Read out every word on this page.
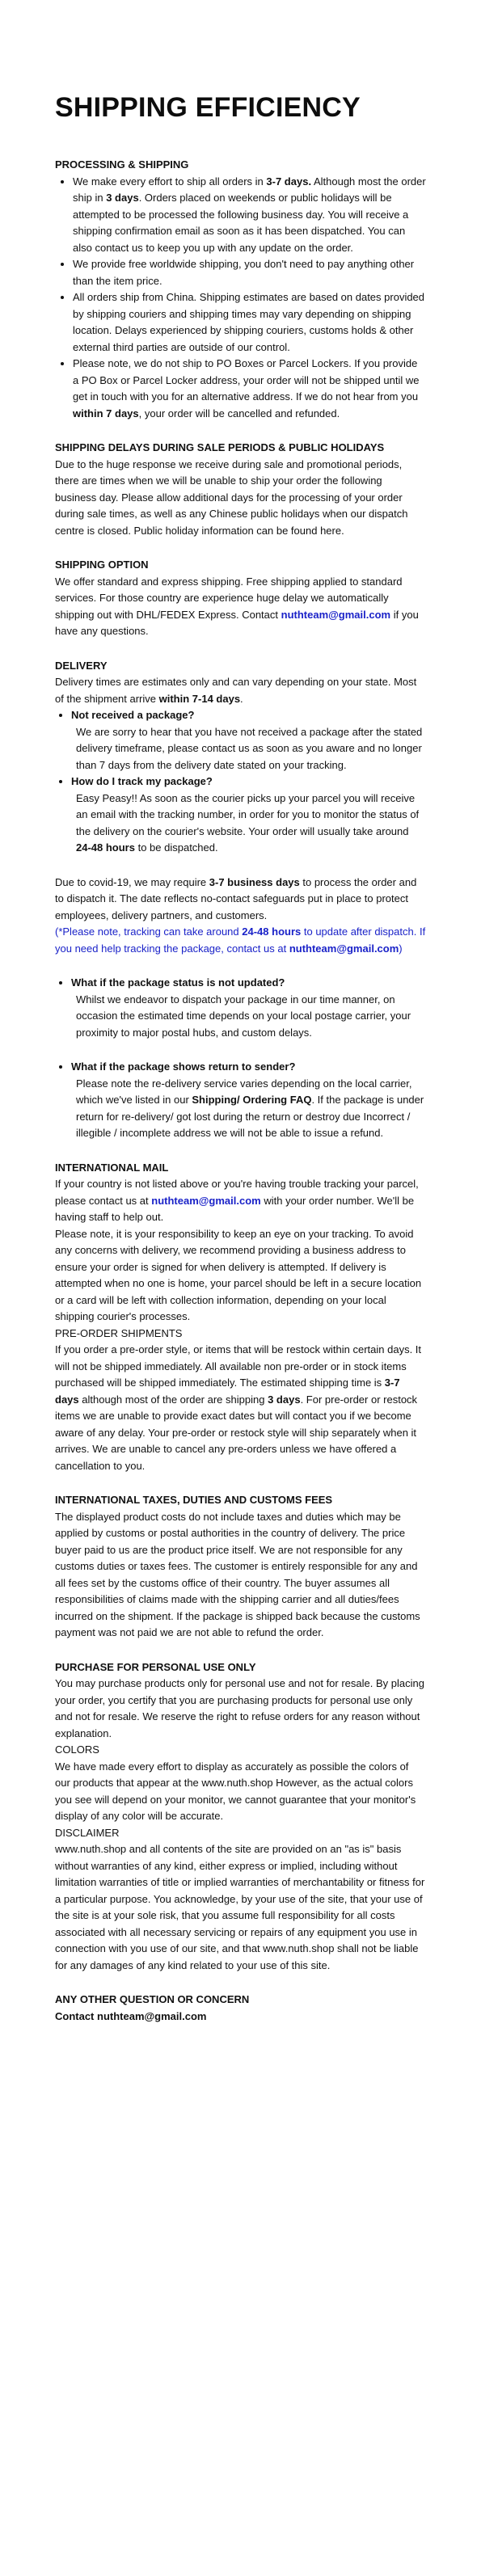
SHIPPING EFFICIENCY

PROCESSING & SHIPPING

• We make every effort to ship all orders in 3-7 days. Although most the order ship in 3 days. Orders placed on weekends or public holidays will be attempted to be processed the following business day. You will receive a shipping confirmation email as soon as it has been dispatched. You can also contact us to keep you up with any update on the order.
• We provide free worldwide shipping, you don't need to pay anything other than the item price.
• All orders ship from China. Shipping estimates are based on dates provided by shipping couriers and shipping times may vary depending on shipping location. Delays experienced by shipping couriers, customs holds & other external third parties are outside of our control.
• Please note, we do not ship to PO Boxes or Parcel Lockers. If you provide a PO Box or Parcel Locker address, your order will not be shipped until we get in touch with you for an alternative address. If we do not hear from you within 7 days, your order will be cancelled and refunded.

SHIPPING DELAYS DURING SALE PERIODS & PUBLIC HOLIDAYS

Due to the huge response we receive during sale and promotional periods, there are times when we will be unable to ship your order the following business day. Please allow additional days for the processing of your order during sale times, as well as any Chinese public holidays when our dispatch centre is closed. Public holiday information can be found here.

SHIPPING OPTION

We offer standard and express shipping. Free shipping applied to standard services. For those country are experience huge delay we automatically shipping out with DHL/FEDEX Express. Contact nuthteam@gmail.com if you have any questions.

DELIVERY

Delivery times are estimates only and can vary depending on your state. Most of the shipment arrive within 7-14 days.

• Not received a package?
We are sorry to hear that you have not received a package after the stated delivery timeframe, please contact us as soon as you aware and no longer than 7 days from the delivery date stated on your tracking.
• How do I track my package?
Easy Peasy!! As soon as the courier picks up your parcel you will receive an email with the tracking number, in order for you to monitor the status of the delivery on the courier's website. Your order will usually take around 24-48 hours to be dispatched.

Due to covid-19, we may require 3-7 business days to process the order and to dispatch it. The date reflects no-contact safeguards put in place to protect employees, delivery partners, and customers.

(*Please note, tracking can take around 24-48 hours to update after dispatch. If you need help tracking the package, contact us at nuthteam@gmail.com)

• What if the package status is not updated?
Whilst we endeavor to dispatch your package in our time manner, on occasion the estimated time depends on your local postage carrier, your proximity to major postal hubs, and custom delays.
• What if the package shows return to sender?
Please note the re-delivery service varies depending on the local carrier, which we've listed in our Shipping/ Ordering FAQ. If the package is under return for re-delivery/ got lost during the return or destroy due Incorrect / illegible / incomplete address we will not be able to issue a refund.

INTERNATIONAL MAIL

If your country is not listed above or you're having trouble tracking your parcel, please contact us at nuthteam@gmail.com with your order number. We'll be having staff to help out.

Please note, it is your responsibility to keep an eye on your tracking. To avoid any concerns with delivery, we recommend providing a business address to ensure your order is signed for when delivery is attempted. If delivery is attempted when no one is home, your parcel should be left in a secure location or a card will be left with collection information, depending on your local shipping courier's processes.

PRE-ORDER SHIPMENTS

If you order a pre-order style, or items that will be restock within certain days. It will not be shipped immediately. All available non pre-order or in stock items purchased will be shipped immediately. The estimated shipping time is 3-7 days although most of the order are shipping 3 days. For pre-order or restock items we are unable to provide exact dates but will contact you if we become aware of any delay. Your pre-order or restock style will ship separately when it arrives. We are unable to cancel any pre-orders unless we have offered a cancellation to you.

INTERNATIONAL TAXES, DUTIES AND CUSTOMS FEES

The displayed product costs do not include taxes and duties which may be applied by customs or postal authorities in the country of delivery. The price buyer paid to us are the product price itself. We are not responsible for any customs duties or taxes fees. The customer is entirely responsible for any and all fees set by the customs office of their country. The buyer assumes all responsibilities of claims made with the shipping carrier and all duties/fees incurred on the shipment. If the package is shipped back because the customs payment was not paid we are not able to refund the order.

PURCHASE FOR PERSONAL USE ONLY

You may purchase products only for personal use and not for resale. By placing your order, you certify that you are purchasing products for personal use only and not for resale. We reserve the right to refuse orders for any reason without explanation.

COLORS

We have made every effort to display as accurately as possible the colors of our products that appear at the www.nuth.shop However, as the actual colors you see will depend on your monitor, we cannot guarantee that your monitor's display of any color will be accurate.

DISCLAIMER

www.nuth.shop and all contents of the site are provided on an "as is" basis without warranties of any kind, either express or implied, including without limitation warranties of title or implied warranties of merchantability or fitness for a particular purpose. You acknowledge, by your use of the site, that your use of the site is at your sole risk, that you assume full responsibility for all costs associated with all necessary servicing or repairs of any equipment you use in connection with you use of our site, and that www.nuth.shop shall not be liable for any damages of any kind related to your use of this site.

ANY OTHER QUESTION OR CONCERN

Contact nuthteam@gmail.com
